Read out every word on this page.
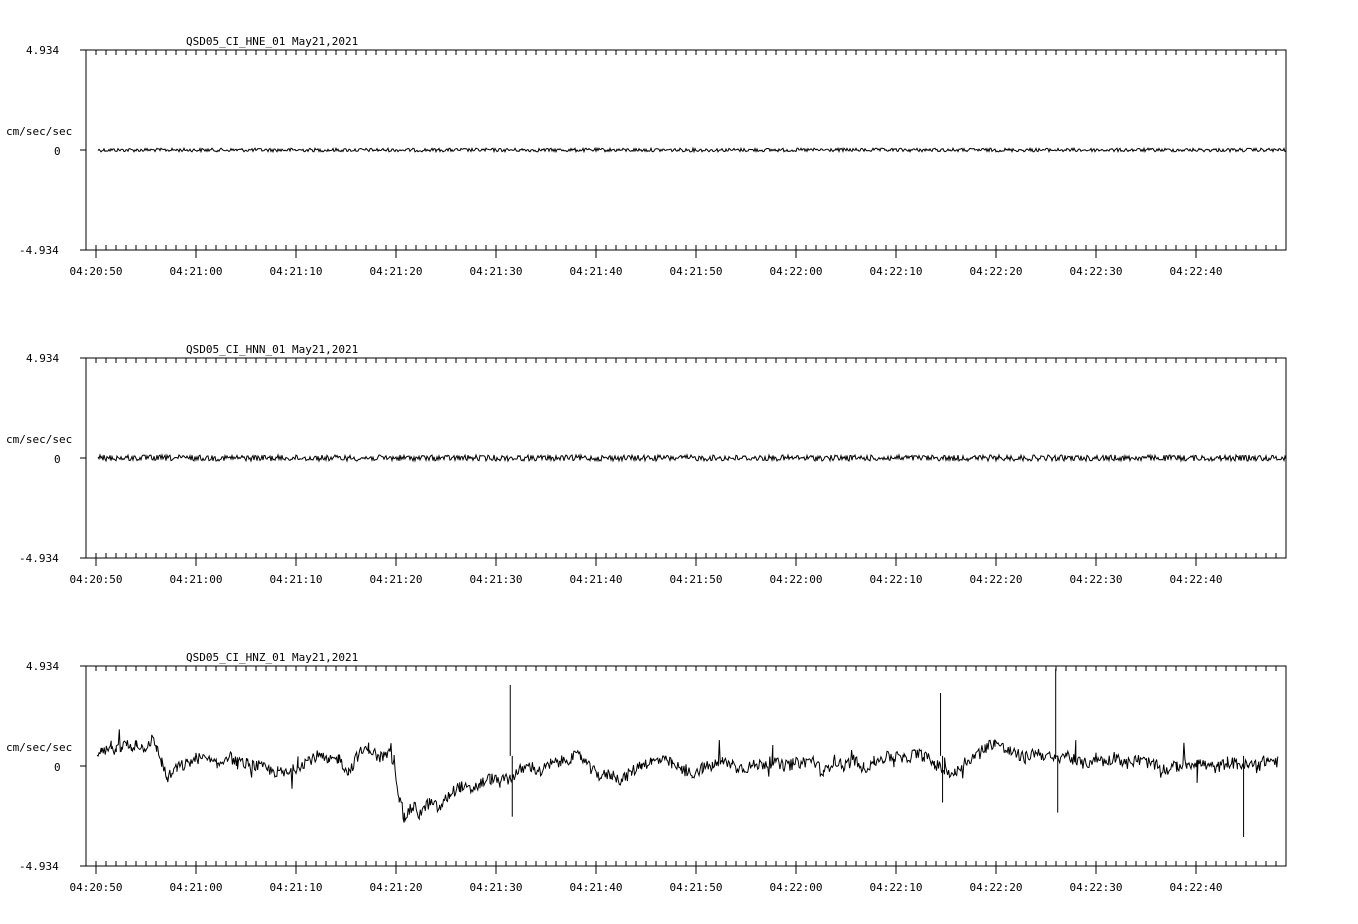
QSD05_CI_HNE_01 May21,2021
cm/sec/sec
4.934
0
-4.934
04:20:50	04:21:00	04:21:10	04:21:20	04:21:30	04:21:40	04:21:50	04:22:00	04:22:10	04:22:20	04:22:30	04:22:40
QSD05_CI_HNN_01 May21,2021
cm/sec/sec
4.934
0
-4.934
04:20:50	04:21:00	04:21:10	04:21:20	04:21:30	04:21:40	04:21:50	04:22:00	04:22:10	04:22:20	04:22:30	04:22:40
QSD05_CI_HNZ_01 May21,2021
cm/sec/sec
4.934
0
-4.934
04:20:50	04:21:00	04:21:10	04:21:20	04:21:30	04:21:40	04:21:50	04:22:00	04:22:10	04:22:20	04:22:30	04:22:40
